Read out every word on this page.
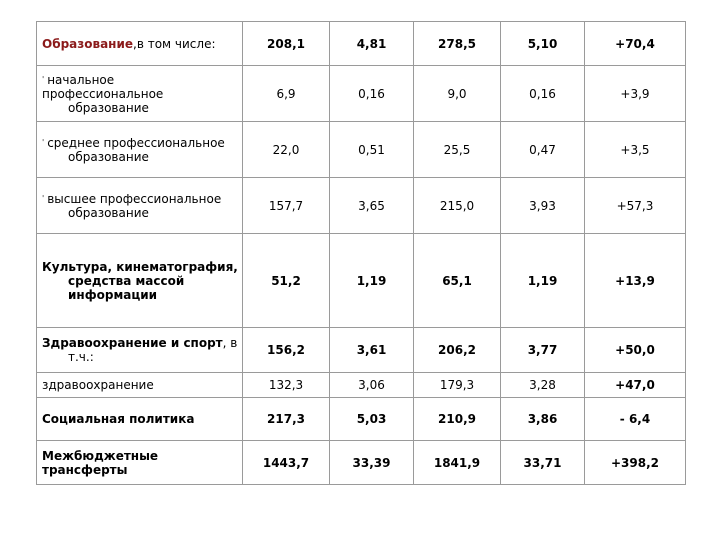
Образование,в том числе:	208,1	4,81	278,5	5,10	+70,4
' начальное профессиональное
образование	6,9	0,16	9,0	0,16	+3,9
' среднее профессиональное
образование	22,0	0,51	25,5	0,47	+3,5
' высшее профессиональное
образование	157,7	3,65	215,0	3,93	+57,3
Культура, кинематография,
средства массой
информации	51,2	1,19	65,1	1,19	+13,9
Здравоохранение и спорт, в
т.ч.:	156,2	3,61	206,2	3,77	+50,0
здравоохранение	132,3	3,06	179,3	3,28	+47,0
Социальная политика	217,3	5,03	210,9	3,86	- 6,4
Межбюджетные трансферты	1443,7	33,39	1841,9	33,71	+398,2
